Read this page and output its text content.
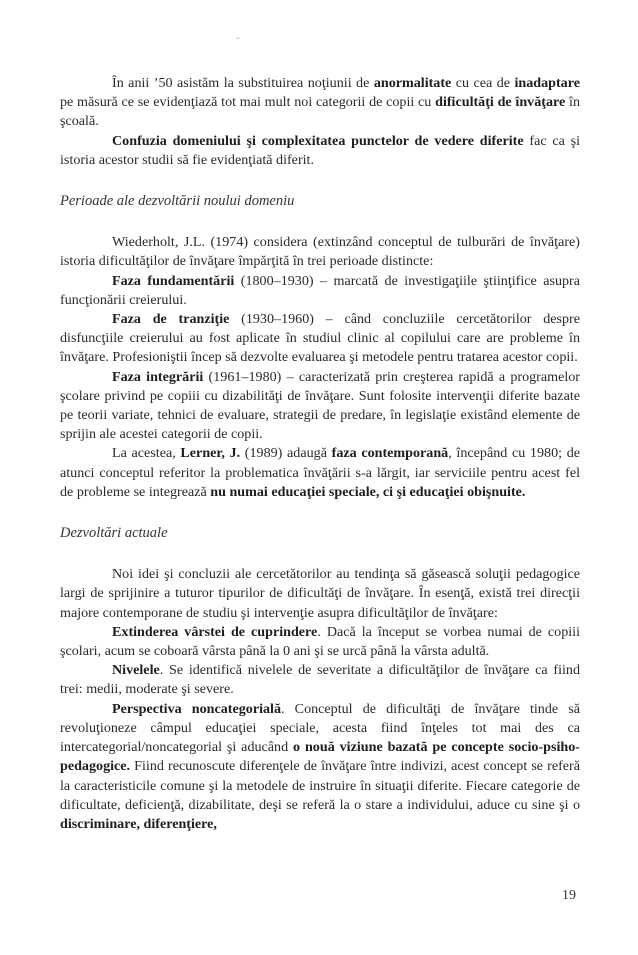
-

În anii ’50 asistăm la substituirea noţiunii de anormalitate cu cea de inadaptare pe măsură ce se evidenţiază tot mai mult noi categorii de copii cu dificultăţi de învăţare în şcoală.

Confuzia domeniului şi complexitatea punctelor de vedere diferite fac ca şi istoria acestor studii să fie evidenţiată diferit.

Perioade ale dezvoltării noului domeniu

Wiederholt, J.L. (1974) considera (extinzând conceptul de tulburări de învăţare) istoria dificultăţilor de învăţare împărţită în trei perioade distincte:

Faza fundamentării (1800–1930) – marcată de investigaţiile ştiinţifice asupra funcţionării creierului.

Faza de tranziţie (1930–1960) – când concluziile cercetătorilor despre disfuncţiile creierului au fost aplicate în studiul clinic al copilului care are probleme în învăţare. Profesioniştii încep să dezvolte evaluarea şi metodele pentru tratarea acestor copii.

Faza integrării (1961–1980) – caracterizată prin creşterea rapidă a programelor şcolare privind pe copiii cu dizabilităţi de învăţare. Sunt folosite intervenţii diferite bazate pe teorii variate, tehnici de evaluare, strategii de predare, în legislaţie existând elemente de sprijin ale acestei categorii de copii.

La acestea, Lerner, J. (1989) adaugă faza contemporană, începând cu 1980; de atunci conceptul referitor la problematica învăţării s-a lărgit, iar serviciile pentru acest fel de probleme se integrează nu numai educaţiei speciale, ci şi educaţiei obişnuite.

Dezvoltări actuale

Noi idei şi concluzii ale cercetătorilor au tendinţa să găsească soluţii pedagogice largi de sprijinire a tuturor tipurilor de dificultăţi de învăţare. În esenţă, există trei direcţii majore contemporane de studiu şi intervenţie asupra dificultăţilor de învăţare:

Extinderea vârstei de cuprindere. Dacă la început se vorbea numai de copiii şcolari, acum se coboară vârsta până la 0 ani şi se urcă până la vârsta adultă.

Nivelele. Se identifică nivelele de severitate a dificultăţilor de învăţare ca fiind trei: medii, moderate şi severe.

Perspectiva noncategorială. Conceptul de dificultăţi de învăţare tinde să revoluţioneze câmpul educaţiei speciale, acesta fiind înţeles tot mai des ca intercategorial/noncategorial şi aducând o nouă viziune bazată pe concepte socio-psiho-pedagogice. Fiind recunoscute diferenţele de învăţare între indivizi, acest concept se referă la caracteristicile comune şi la metodele de instruire în situaţii diferite. Fiecare categorie de dificultate, deficienţă, dizabilitate, deşi se referă la o stare a individului, aduce cu sine şi o discriminare, diferenţiere,

19
